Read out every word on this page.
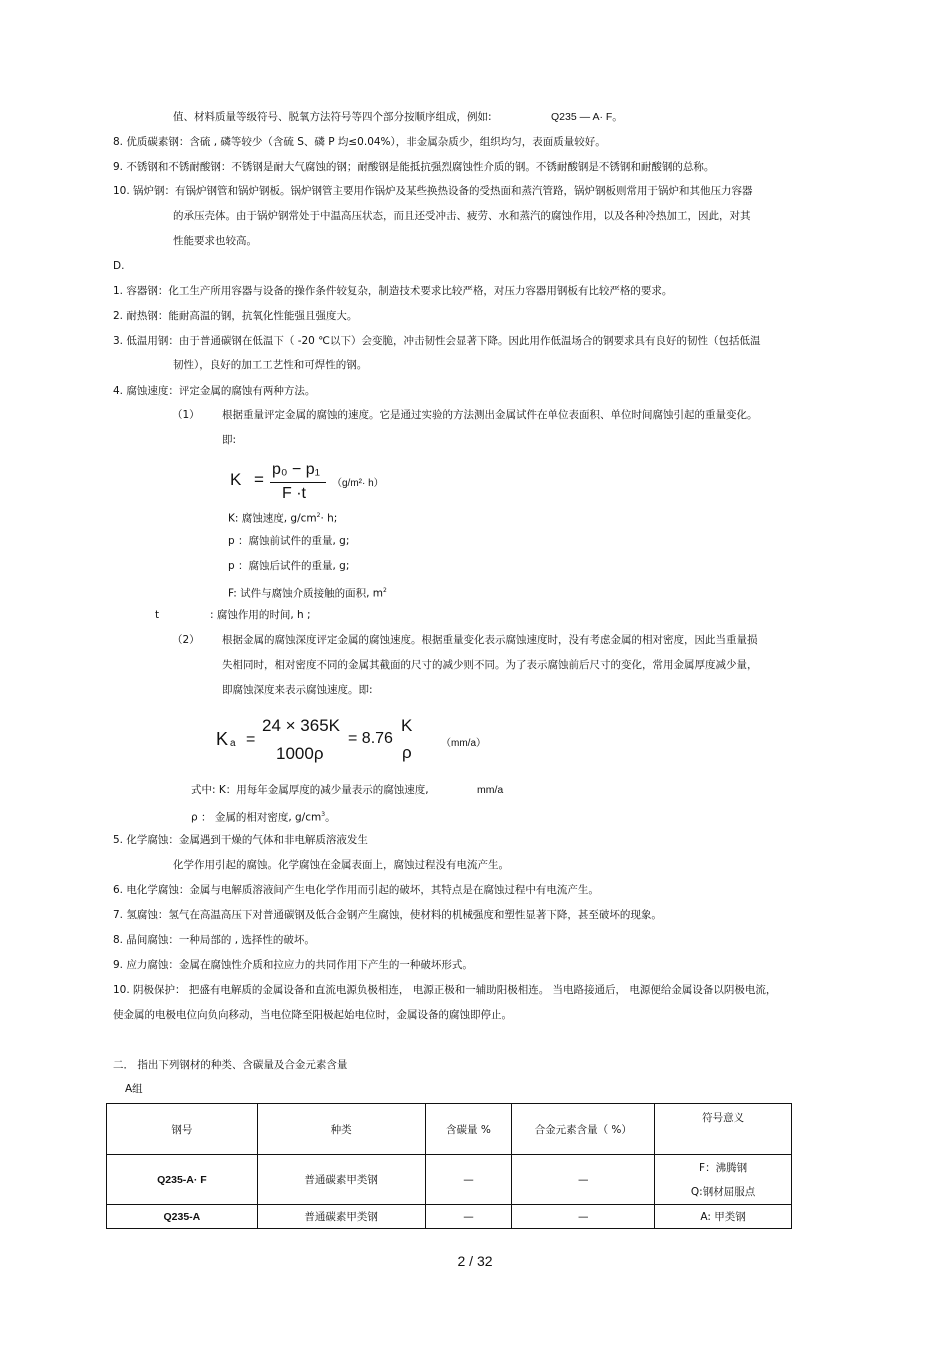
值、材料质量等级符号、脱氧方法符号等四个部分按顺序组成，例如:	Q235 — A· F。
8. 优质碳素钢：含硫 , 磷等较少（含硫 S、磷 P 均≤0.04%），非金属杂质少，组织均匀，表面质量较好。
9. 不锈钢和不锈耐酸钢：不锈钢是耐大气腐蚀的钢；耐酸钢是能抵抗强烈腐蚀性介质的钢。不锈耐酸钢是不锈钢和耐酸钢的总称。
10. 锅炉钢：有锅炉钢管和锅炉钢板。锅炉钢管主要用作锅炉及某些换热设备的受热面和蒸汽管路，锅炉钢板则常用于锅炉和其他压力容器
的承压壳体。由于锅炉钢常处于中温高压状态，而且还受冲击、疲劳、水和蒸汽的腐蚀作用，以及各种冷热加工，因此，对其
性能要求也较高。
D.
1. 容器钢：化工生产所用容器与设备的操作条件较复杂，制造技术要求比较严格，对压力容器用钢板有比较严格的要求。
2. 耐热钢：能耐高温的钢，抗氧化性能强且强度大。
3. 低温用钢：由于普通碳钢在低温下（ -20 ℃以下）会变脆，冲击韧性会显著下降。因此用作低温场合的钢要求具有良好的韧性（包括低温
韧性），良好的加工工艺性和可焊性的钢。
4. 腐蚀速度：评定金属的腐蚀有两种方法。
（1） 根据重量评定金属的腐蚀的速度。它是通过实验的方法测出金属试件在单位表面积、单位时间腐蚀引起的重量变化。
即:
K =
p₀ − p₁
F ·t
（g/m²· h）
K: 腐蚀速度, $g/cm^2\cdot h$;
p ：腐蚀前试件的重量, g;
p ：腐蚀后试件的重量, g;
F: 试件与腐蚀介质接触的面积, $m^2$
t	: 腐蚀作用的时间, h ;
（2） 根据金属的腐蚀深度评定金属的腐蚀速度。根据重量变化表示腐蚀速度时，没有考虑金属的相对密度，因此当重量损
失相同时，相对密度不同的金属其截面的尺寸的减少则不同。为了表示腐蚀前后尺寸的变化，常用金属厚度减少量，
即腐蚀深度来表示腐蚀速度。即:
K a =
24 × 365K
1000ρ
= 8.76
K
ρ	（mm/a）
式中: K：用每年金属厚度的减少量表示的腐蚀速度,	mm/a
ρ ： 金属的相对密度, $g/cm^3$。
5. 化学腐蚀：金属遇到干燥的气体和非电解质溶液发生
化学作用引起的腐蚀。化学腐蚀在金属表面上，腐蚀过程没有电流产生。
6. 电化学腐蚀：金属与电解质溶液间产生电化学作用而引起的破坏，其特点是在腐蚀过程中有电流产生。
7. 氢腐蚀：氢气在高温高压下对普通碳钢及低合金钢产生腐蚀，使材料的机械强度和塑性显著下降，甚至破坏的现象。
8. 晶间腐蚀：一种局部的 , 选择性的破坏。
9. 应力腐蚀：金属在腐蚀性介质和拉应力的共同作用下产生的一种破坏形式。
10. 阴极保护： 把盛有电解质的金属设备和直流电源负极相连， 电源正极和一辅助阳极相连。 当电路接通后， 电源便给金属设备以阴极电流，
使金属的电极电位向负向移动，当电位降至阳极起始电位时，金属设备的腐蚀即停止。
二． 指出下列钢材的种类、含碳量及合金元素含量
A组
钢号	种类	含碳量 %	合金元素含量（ %）	符号意义
Q235-A· F	普通碳素甲类钢	—	—	F：沸腾钢
Q:钢材屈服点

Q235-A	普通碳素甲类钢	—	—	A: 甲类钢
2 / 32
